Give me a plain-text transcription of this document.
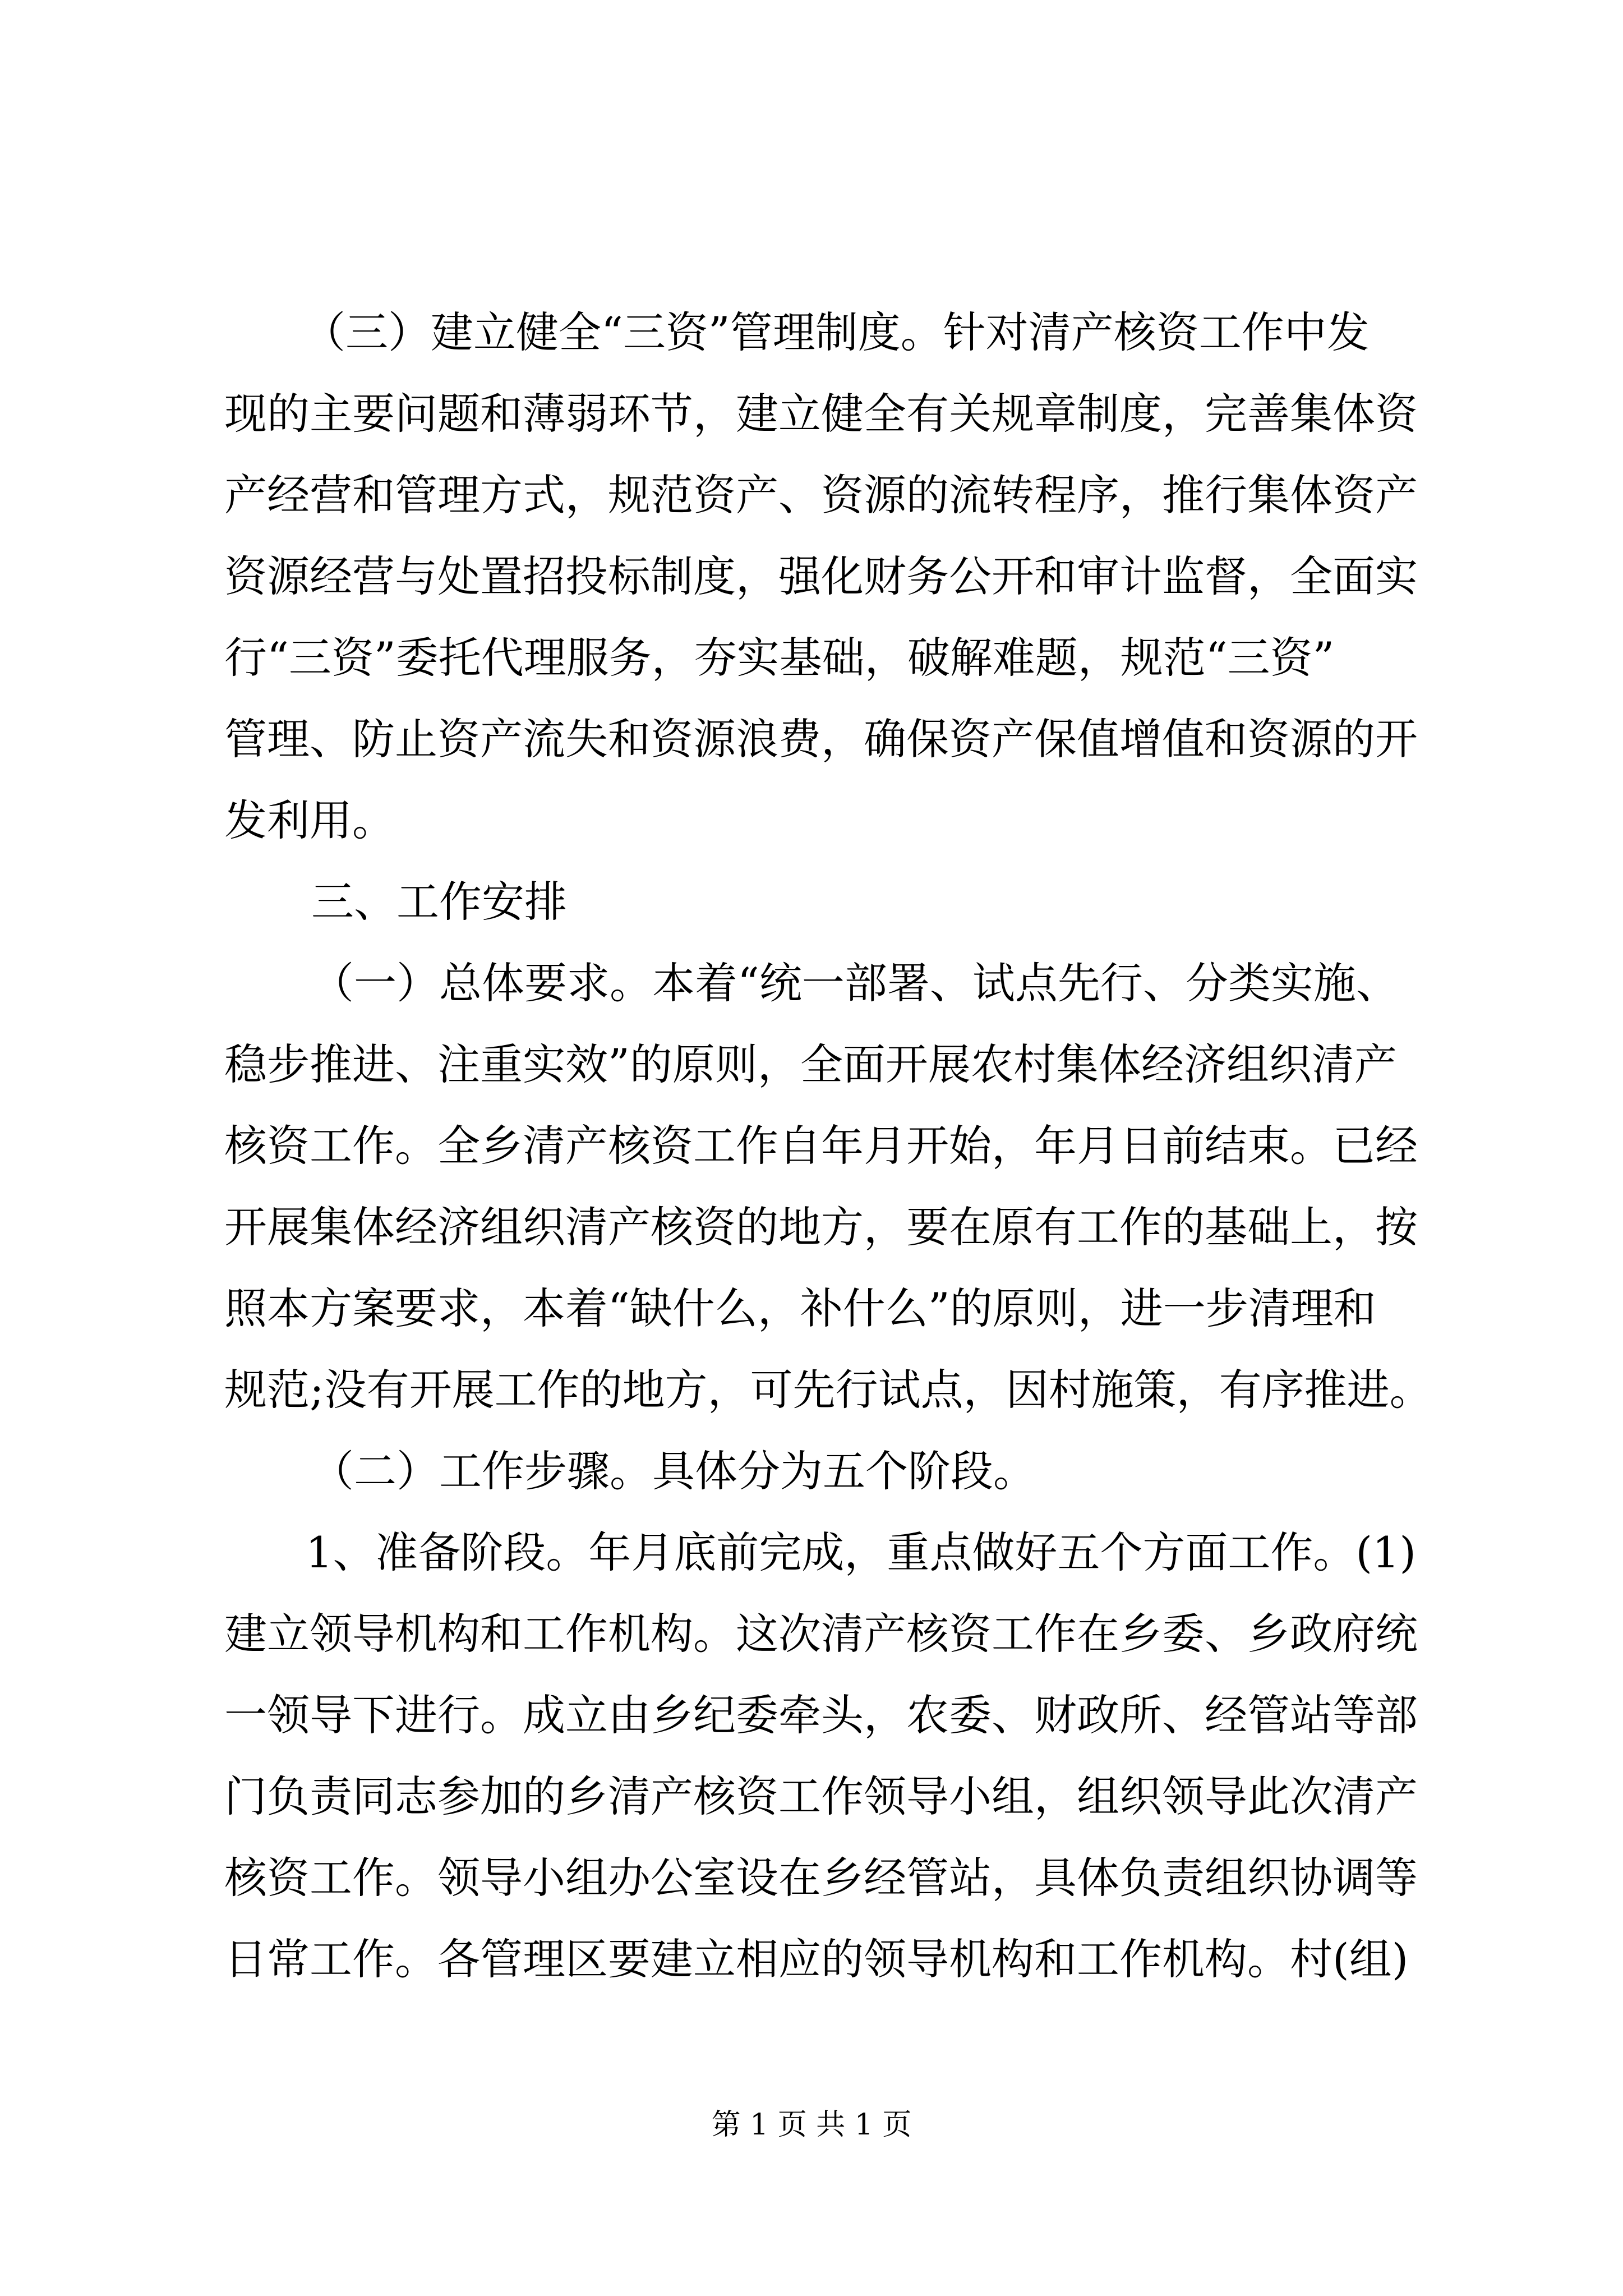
（三）建立健全“三资”管理制度。针对清产核资工作中发
现的主要问题和薄弱环节，建立健全有关规章制度，完善集体资
产经营和管理方式，规范资产、资源的流转程序，推行集体资产
资源经营与处置招投标制度，强化财务公开和审计监督，全面实
行“三资”委托代理服务，夯实基础，破解难题，规范“三资”
管理、防止资产流失和资源浪费，确保资产保值增值和资源的开
发利用。
三、工作安排
（一）总体要求。本着“统一部署、试点先行、分类实施、
稳步推进、注重实效”的原则，全面开展农村集体经济组织清产
核资工作。全乡清产核资工作自年月开始，年月日前结束。已经
开展集体经济组织清产核资的地方，要在原有工作的基础上，按
照本方案要求，本着“缺什么，补什么”的原则，进一步清理和
规范;没有开展工作的地方，可先行试点，因村施策，有序推进。
（二）工作步骤。具体分为五个阶段。
1、准备阶段。年月底前完成，重点做好五个方面工作。(1)
建立领导机构和工作机构。这次清产核资工作在乡委、乡政府统
一领导下进行。成立由乡纪委牵头，农委、财政所、经管站等部
门负责同志参加的乡清产核资工作领导小组，组织领导此次清产
核资工作。领导小组办公室设在乡经管站，具体负责组织协调等
日常工作。各管理区要建立相应的领导机构和工作机构。村(组)
第 1 页 共 1 页
